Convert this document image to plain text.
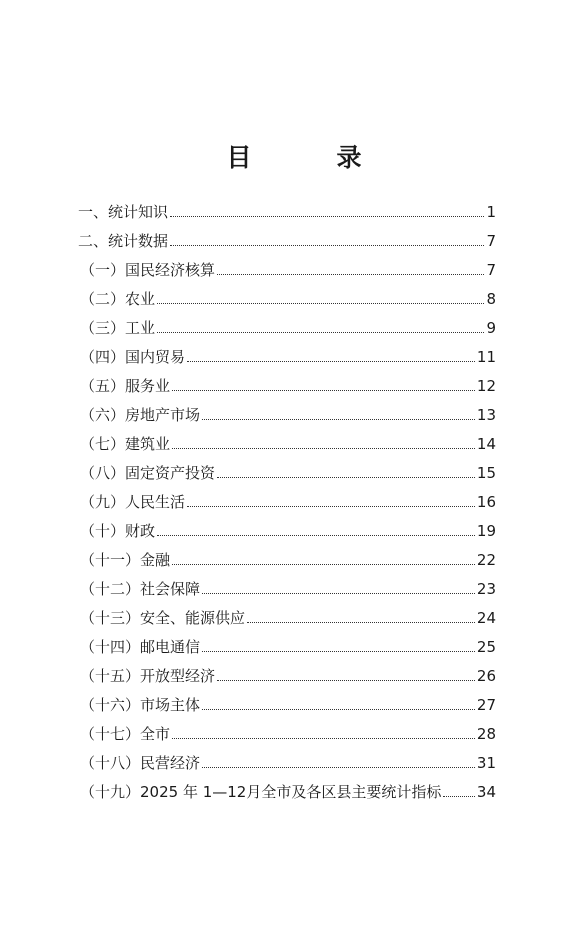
目　录
一、统计知识	1
二、统计数据	7
（一）国民经济核算	7
（二）农业	8
（三）工业	9
（四）国内贸易	11
（五）服务业	12
（六）房地产市场	13
（七）建筑业	14
（八）固定资产投资	15
（九）人民生活	16
（十）财政	19
（十一）金融	22
（十二）社会保障	23
（十三）安全、能源供应	24
（十四）邮电通信	25
（十五）开放型经济	26
（十六）市场主体	27
（十七）全市	28
（十八）民营经济	31
（十九）2025 年 1—12月全市及各区县主要统计指标 34
